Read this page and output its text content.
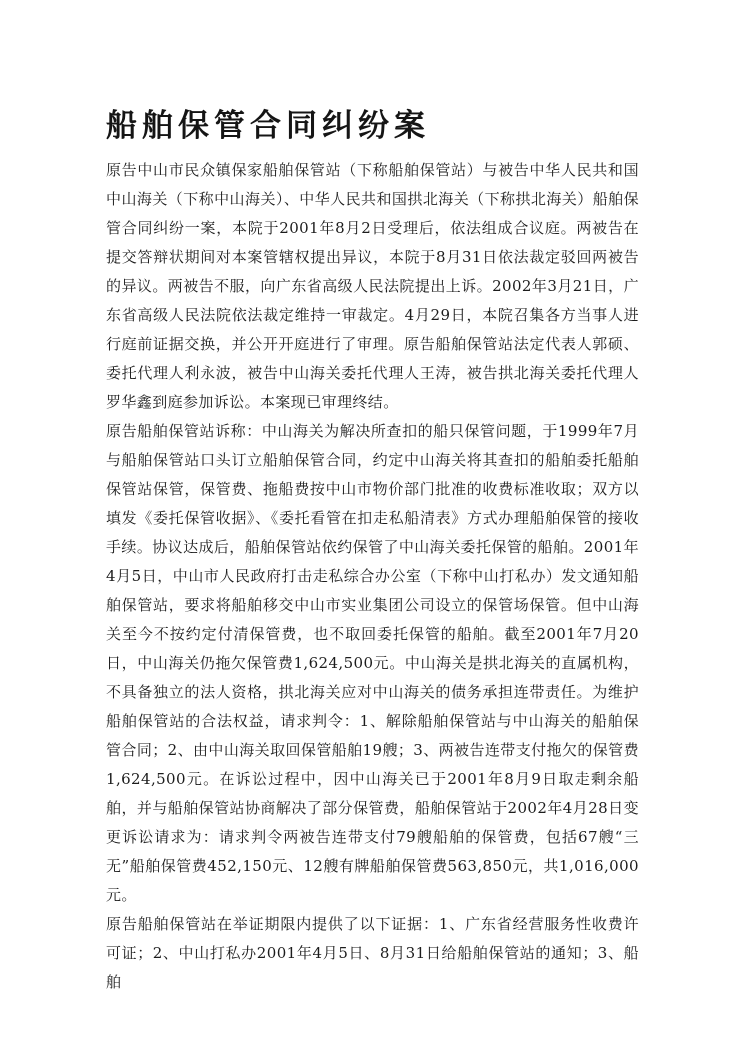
船舶保管合同纠纷案

原告中山市民众镇保家船舶保管站（下称船舶保管站）与被告中华人民共和国中山海关（下称中山海关）、中华人民共和国拱北海关（下称拱北海关）船舶保管合同纠纷一案，本院于2001年8月2日受理后，依法组成合议庭。两被告在提交答辩状期间对本案管辖权提出异议，本院于8月31日依法裁定驳回两被告的异议。两被告不服，向广东省高级人民法院提出上诉。2002年3月21日，广东省高级人民法院依法裁定维持一审裁定。4月29日，本院召集各方当事人进行庭前证据交换，并公开开庭进行了审理。原告船舶保管站法定代表人郭硕、委托代理人利永波，被告中山海关委托代理人王涛，被告拱北海关委托代理人罗华鑫到庭参加诉讼。本案现已审理终结。

原告船舶保管站诉称：中山海关为解决所查扣的船只保管问题，于1999年7月与船舶保管站口头订立船舶保管合同，约定中山海关将其查扣的船舶委托船舶保管站保管，保管费、拖船费按中山市物价部门批准的收费标准收取；双方以填发《委托保管收据》、《委托看管在扣走私船清表》方式办理船舶保管的接收手续。协议达成后，船舶保管站依约保管了中山海关委托保管的船舶。2001年4月5日，中山市人民政府打击走私综合办公室（下称中山打私办）发文通知船舶保管站，要求将船舶移交中山市实业集团公司设立的保管场保管。但中山海关至今不按约定付清保管费，也不取回委托保管的船舶。截至2001年7月20日，中山海关仍拖欠保管费1,624,500元。中山海关是拱北海关的直属机构，不具备独立的法人资格，拱北海关应对中山海关的债务承担连带责任。为维护船舶保管站的合法权益，请求判令：1、解除船舶保管站与中山海关的船舶保管合同；2、由中山海关取回保管船舶19艘；3、两被告连带支付拖欠的保管费1,624,500元。在诉讼过程中，因中山海关已于2001年8月9日取走剩余船舶，并与船舶保管站协商解决了部分保管费，船舶保管站于2002年4月28日变更诉讼请求为：请求判令两被告连带支付79艘船舶的保管费，包括67艘“三无”船舶保管费452,150元、12艘有牌船舶保管费563,850元，共1,016,000元。

原告船舶保管站在举证期限内提供了以下证据：1、广东省经营服务性收费许可证；2、中山打私办2001年4月5日、8月31日给船舶保管站的通知；3、船舶
